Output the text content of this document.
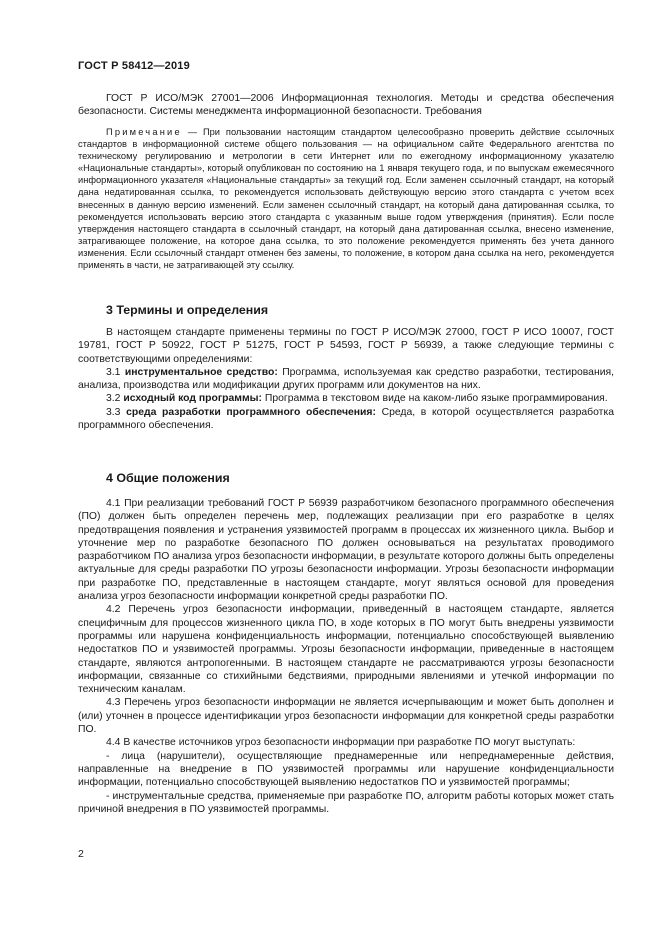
ГОСТ Р 58412—2019

ГОСТ Р ИСО/МЭК 27001—2006 Информационная технология. Методы и средства обеспечения безопасности. Системы менеджмента информационной безопасности. Требования

Примечание — При пользовании настоящим стандартом целесообразно проверить действие ссылочных стандартов в информационной системе общего пользования — на официальном сайте Федерального агентства по техническому регулированию и метрологии в сети Интернет или по ежегодному информационному указателю «Национальные стандарты», который опубликован по состоянию на 1 января текущего года, и по выпускам ежемесячного информационного указателя «Национальные стандарты» за текущий год. Если заменен ссылочный стандарт, на который дана недатированная ссылка, то рекомендуется использовать действующую версию этого стандарта с учетом всех внесенных в данную версию изменений. Если заменен ссылочный стандарт, на который дана датированная ссылка, то рекомендуется использовать версию этого стандарта с указанным выше годом утверждения (принятия). Если после утверждения настоящего стандарта в ссылочный стандарт, на который дана датированная ссылка, внесено изменение, затрагивающее положение, на которое дана ссылка, то это положение рекомендуется применять без учета данного изменения. Если ссылочный стандарт отменен без замены, то положение, в котором дана ссылка на него, рекомендуется применять в части, не затрагивающей эту ссылку.

3 Термины и определения

В настоящем стандарте применены термины по ГОСТ Р ИСО/МЭК 27000, ГОСТ Р ИСО 10007, ГОСТ 19781, ГОСТ Р 50922, ГОСТ Р 51275, ГОСТ Р 54593, ГОСТ Р 56939, а также следующие термины с соответствующими определениями:

3.1 инструментальное средство: Программа, используемая как средство разработки, тестирования, анализа, производства или модификации других программ или документов на них.

3.2 исходный код программы: Программа в текстовом виде на каком-либо языке программирования.

3.3 среда разработки программного обеспечения: Среда, в которой осуществляется разработка программного обеспечения.

4 Общие положения

4.1 При реализации требований ГОСТ Р 56939 разработчиком безопасного программного обеспечения (ПО) должен быть определен перечень мер, подлежащих реализации при его разработке в целях предотвращения появления и устранения уязвимостей программ в процессах их жизненного цикла. Выбор и уточнение мер по разработке безопасного ПО должен основываться на результатах проводимого разработчиком ПО анализа угроз безопасности информации, в результате которого должны быть определены актуальные для среды разработки ПО угрозы безопасности информации. Угрозы безопасности информации при разработке ПО, представленные в настоящем стандарте, могут являться основой для проведения анализа угроз безопасности информации конкретной среды разработки ПО.

4.2 Перечень угроз безопасности информации, приведенный в настоящем стандарте, является специфичным для процессов жизненного цикла ПО, в ходе которых в ПО могут быть внедрены уязвимости программы или нарушена конфиденциальность информации, потенциально способствующей выявлению недостатков ПО и уязвимостей программы. Угрозы безопасности информации, приведенные в настоящем стандарте, являются антропогенными. В настоящем стандарте не рассматриваются угрозы безопасности информации, связанные со стихийными бедствиями, природными явлениями и утечкой информации по техническим каналам.

4.3 Перечень угроз безопасности информации не является исчерпывающим и может быть дополнен и (или) уточнен в процессе идентификации угроз безопасности информации для конкретной среды разработки ПО.

4.4 В качестве источников угроз безопасности информации при разработке ПО могут выступать:

- лица (нарушители), осуществляющие преднамеренные или непреднамеренные действия, направленные на внедрение в ПО уязвимостей программы или нарушение конфиденциальности информации, потенциально способствующей выявлению недостатков ПО и уязвимостей программы;

- инструментальные средства, применяемые при разработке ПО, алгоритм работы которых может стать причиной внедрения в ПО уязвимостей программы.

2
